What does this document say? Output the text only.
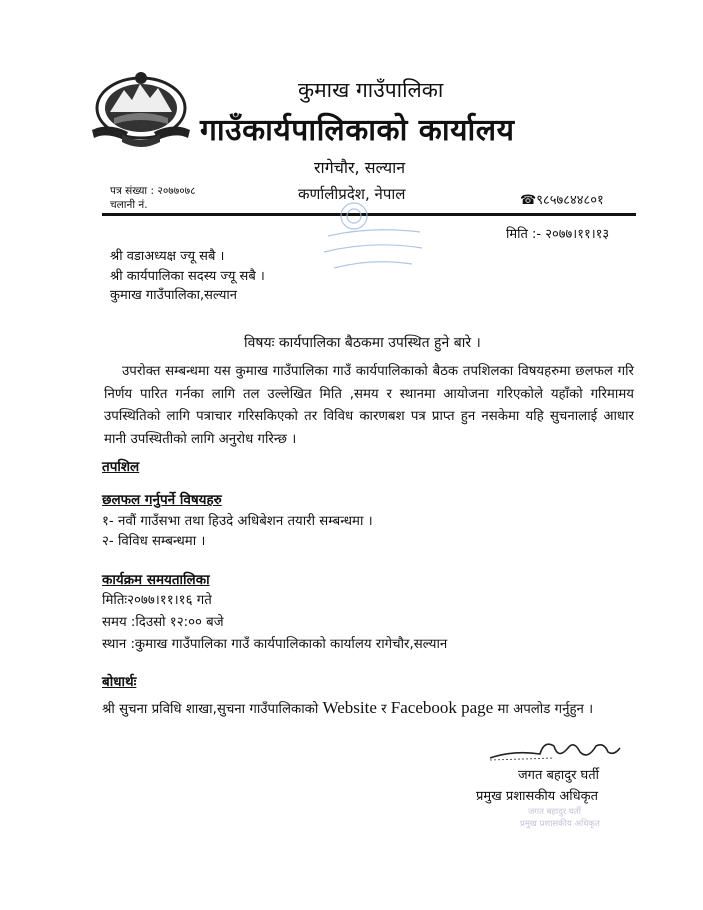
कुमाख गाउँपालिका
गाउँकार्यपालिकाको कार्यालय
रागेचौर, सल्यान
कर्णालीप्रदेश, नेपाल
पत्र संख्या : २०७७०७८
चलानी नं.	☎९८५७८४४८०१
मिति :- २०७७।११।१३
श्री वडाअध्यक्ष ज्यू सबै ।
श्री कार्यपालिका सदस्य ज्यू सबै ।
कुमाख गाउँपालिका,सल्यान
विषयः कार्यपालिका बैठकमा उपस्थित हुने बारे ।
उपरोक्त सम्बन्धमा यस कुमाख गाउँपालिका गाउँ कार्यपालिकाको बैठक तपशिलका विषयहरुमा छलफल गरि निर्णय पारित गर्नका लागि तल उल्लेखित मिति ,समय र स्थानमा आयोजना गरिएकोले यहाँको गरिमामय उपस्थितिको लागि पत्राचार गरिसकिएको तर विविध कारणबश पत्र प्राप्त हुन नसकेमा यहि सुचनालाई आधार मानी उपस्थितीको लागि अनुरोध गरिन्छ ।
तपशिल
छलफल गर्नुपर्ने विषयहरु
१- नवौं गाउँसभा तथा हिउदे अधिबेशन तयारी सम्बन्धमा ।
२- विविध सम्बन्धमा ।
कार्यक्रम समयतालिका
मितिः२०७७।११।१६ गते
समय :दिउसो १२:०० बजे
स्थान :कुमाख गाउँपालिका गाउँ कार्यपालिकाको कार्यालय रागेचौर,सल्यान
बोधार्थः
श्री सुचना प्रविधि शाखा,सुचना गाउँपालिकाको Website र Facebook page मा अपलोड गर्नुहुन ।
जगत बहादुर घर्ती
प्रमुख प्रशासकीय अधिकृत
जगत बहादुर घर्ती
प्रमुख प्रशासकीय अधिकृत
